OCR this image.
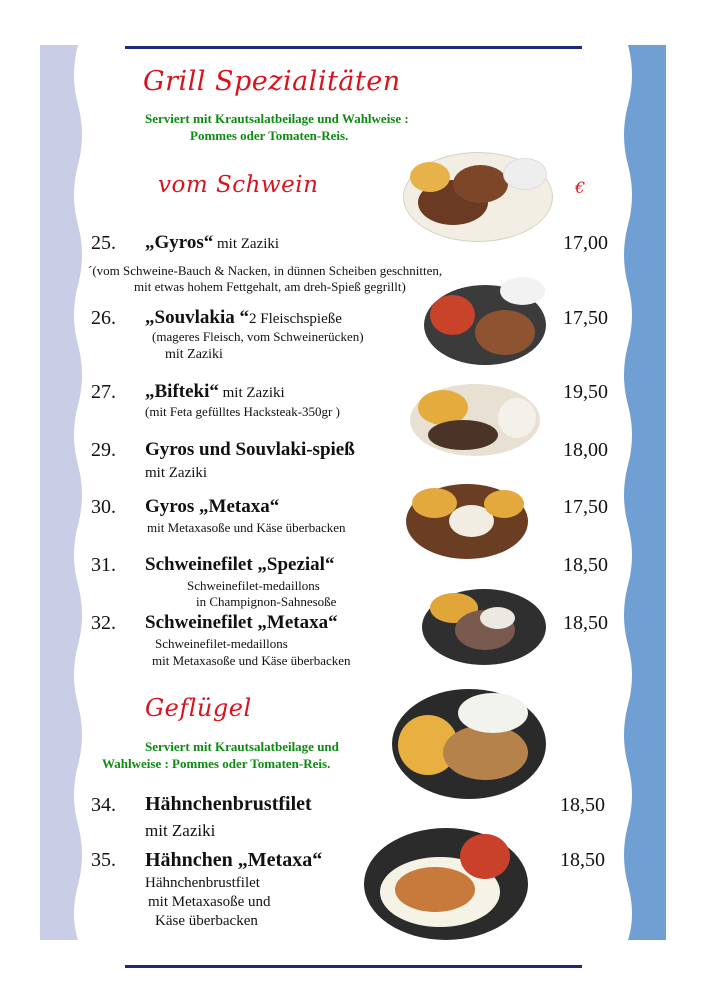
Grill Spezialitäten
Serviert mit Krautsalatbeilage und Wahlweise :
Pommes oder Tomaten-Reis.
vom Schwein	€
25. „Gyros“ mit Zaziki	17,00
´(vom Schweine-Bauch & Nacken, in dünnen Scheiben geschnitten,
mit etwas hohem Fettgehalt, am dreh-Spieß gegrillt)
26. „Souvlakia “2 Fleischspieße	17,50
(mageres Fleisch, vom Schweinerücken)
mit Zaziki
27. „Bifteki“ mit Zaziki	19,50
(mit Feta gefülltes Hacksteak-350gr )
29. Gyros und Souvlaki-spieß	18,00
mit Zaziki
30. Gyros „Metaxa“	17,50
mit Metaxasoße und Käse überbacken
31. Schweinefilet „Spezial“	18,50
Schweinefilet-medaillons
in Champignon-Sahnesoße
32. Schweinefilet „Metaxa“	18,50
Schweinefilet-medaillons
mit Metaxasoße und Käse überbacken
Geflügel
Serviert mit Krautsalatbeilage und
Wahlweise : Pommes oder Tomaten-Reis.
34. Hähnchenbrustfilet	18,50
mit Zaziki
35. Hähnchen „Metaxa“	18,50
Hähnchenbrustfilet
mit Metaxasoße und
Käse überbacken
